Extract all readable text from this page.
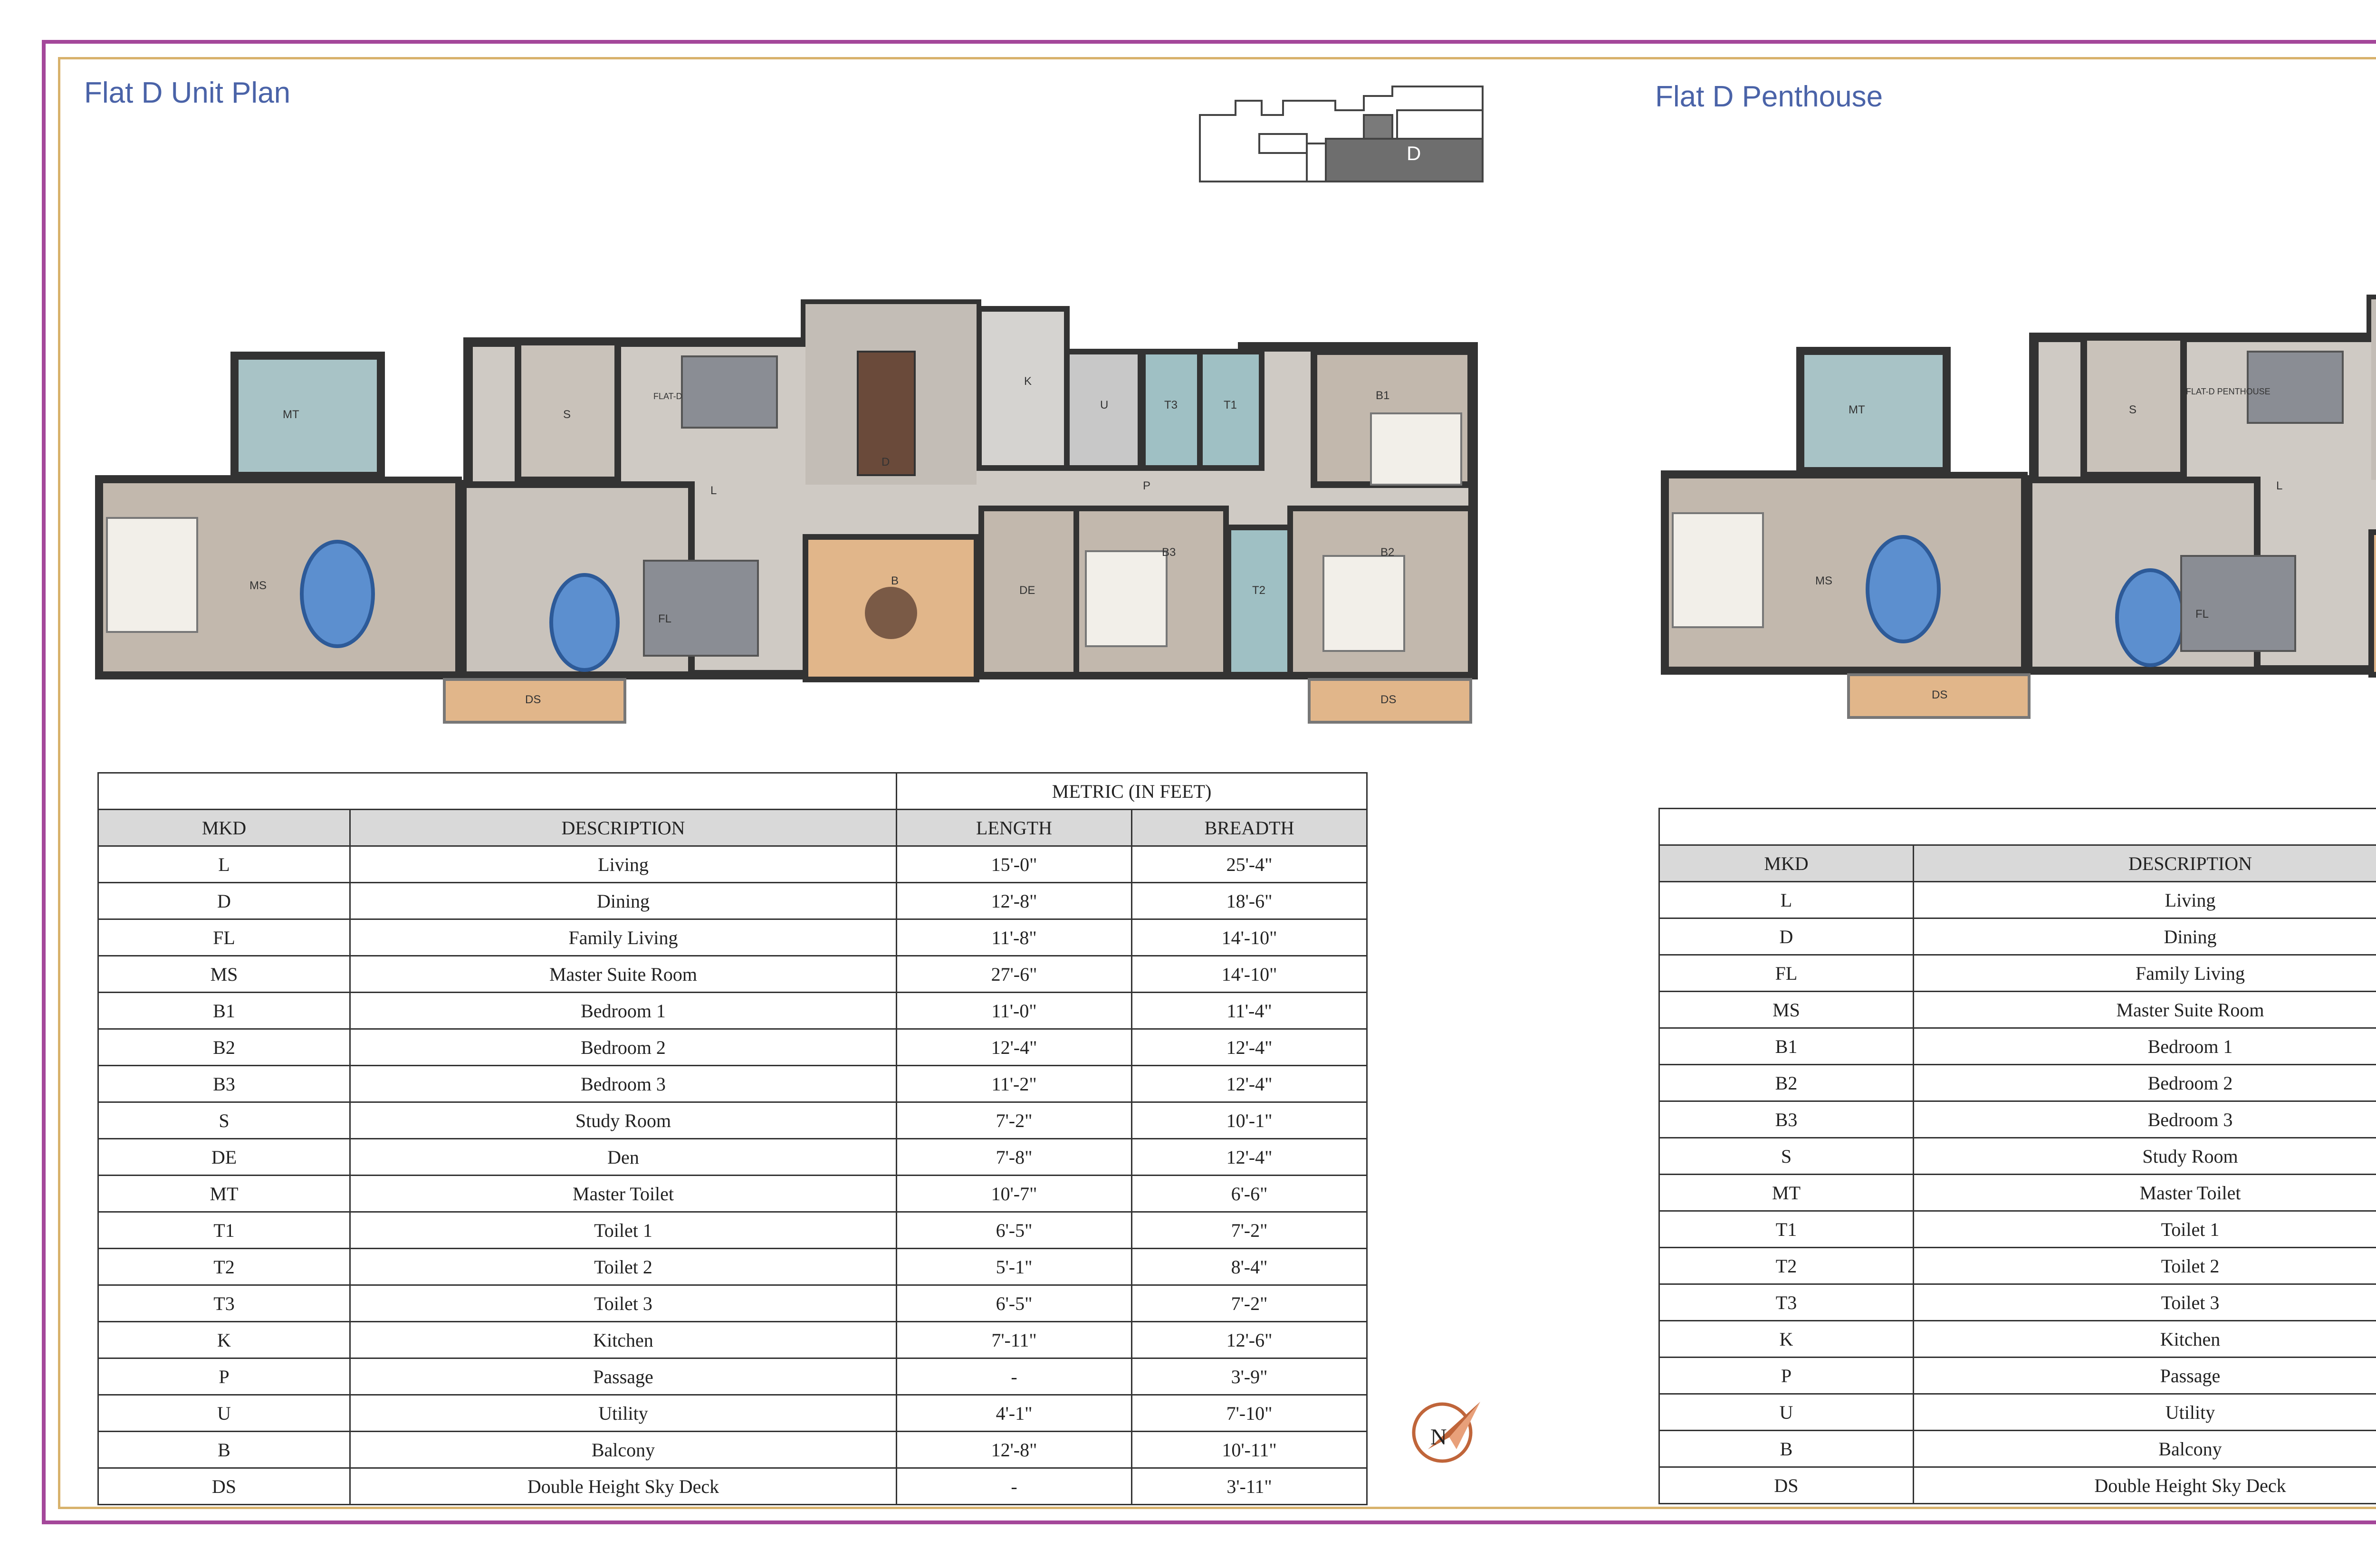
Flat D Unit Plan
D
MT	S
L
D
K
U	T3	T1
B1
P
MS
FL
B
DE
B3
T2
B2
DS	DS
FLAT-D
		METRIC (IN FEET)	
MKD	DESCRIPTION	LENGTH	BREADTH
L	Living	15'-0"	25'-4"
D	Dining	12'-8"	18'-6"
FL	Family Living	11'-8"	14'-10"
MS	Master Suite Room	27'-6"	14'-10"
B1	Bedroom 1	11'-0"	11'-4"
B2	Bedroom 2	12'-4"	12'-4"
B3	Bedroom 3	11'-2"	12'-4"
S	Study Room	7'-2"	10'-1"
DE	Den	7'-8"	12'-4"
MT	Master Toilet	10'-7"	6'-6"
T1	Toilet 1	6'-5"	7'-2"
T2	Toilet 2	5'-1"	8'-4"
T3	Toilet 3	6'-5"	7'-2"
K	Kitchen	7'-11"	12'-6"
P	Passage	-	3'-9"
U	Utility	4'-1"	7'-10"
B	Balcony	12'-8"	10'-11"
DS	Double Height Sky Deck	-	3'-11"
N
Flat D Penthouse
MT	S
L
MS
FL
DS
FLAT-D PENTHOUSE

MKD	DESCRIPTION		
L	Living		
D	Dining		
FL	Family Living		
MS	Master Suite Room		
B1	Bedroom 1		
B2	Bedroom 2		
B3	Bedroom 3		
S	Study Room		
MT	Master Toilet		
T1	Toilet 1		
T2	Toilet 2		
T3	Toilet 3		
K	Kitchen		
P	Passage		
U	Utility		
B	Balcony		
DS	Double Height Sky Deck		
